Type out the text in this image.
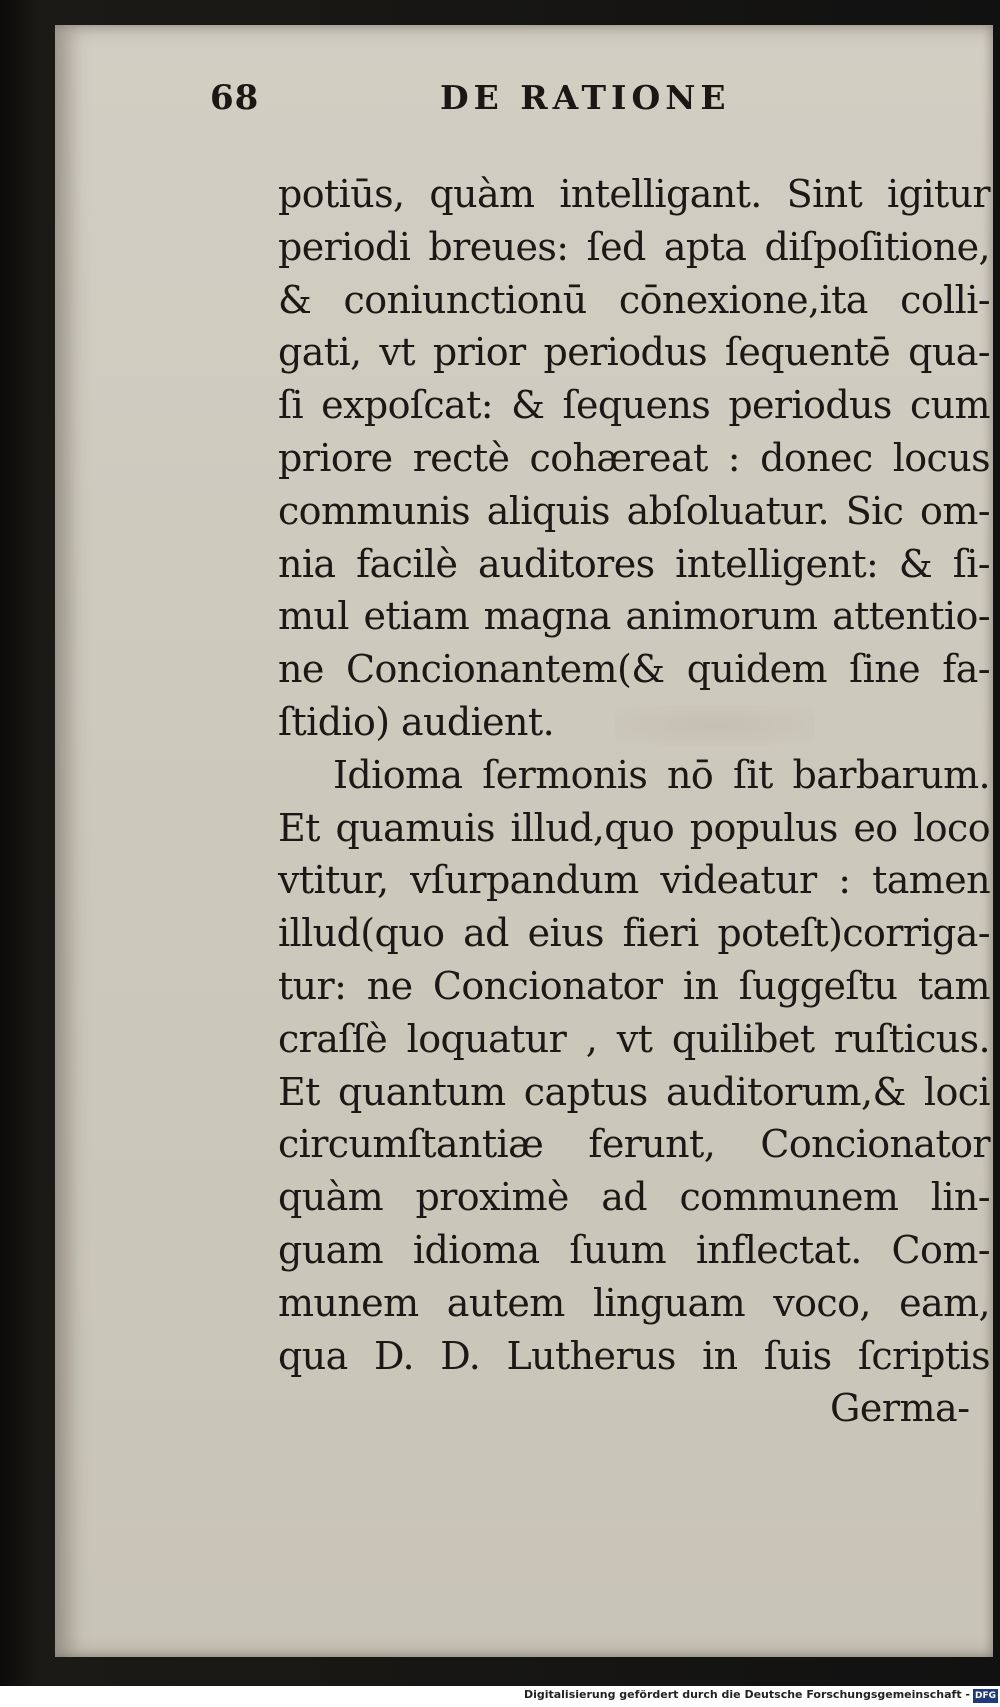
68	DE RATIONE
potiūs, quàm intelligant. Sint igitur
periodi breues: ſed apta diſpoſitione,
& coniunctionū cōnexione,ita colli-
gati, vt prior periodus ſequentē qua-
ſi expoſcat: & ſequens periodus cum
priore rectè cohæreat : donec locus
communis aliquis abſoluatur. Sic om-
nia facilè auditores intelligent: & ſi-
mul etiam magna animorum attentio-
ne Concionantem(& quidem ſine fa-
ſtidio) audient.
Idioma ſermonis nō ſit barbarum.
Et quamuis illud,quo populus eo loco
vtitur, vſurpandum videatur : tamen
illud(quo ad eius fieri poteſt)corriga-
tur: ne Concionator in ſuggeſtu tam
craſſè loquatur , vt quilibet ruſticus.
Et quantum captus auditorum,& loci
circumſtantiæ ferunt, Concionator
quàm proximè ad communem lin-
guam idioma ſuum inflectat. Com-
munem autem linguam voco, eam,
qua D. D. Lutherus in ſuis ſcriptis
Germa-
Digitalisierung gefördert durch die Deutsche Forschungsgemeinschaft - DFG
